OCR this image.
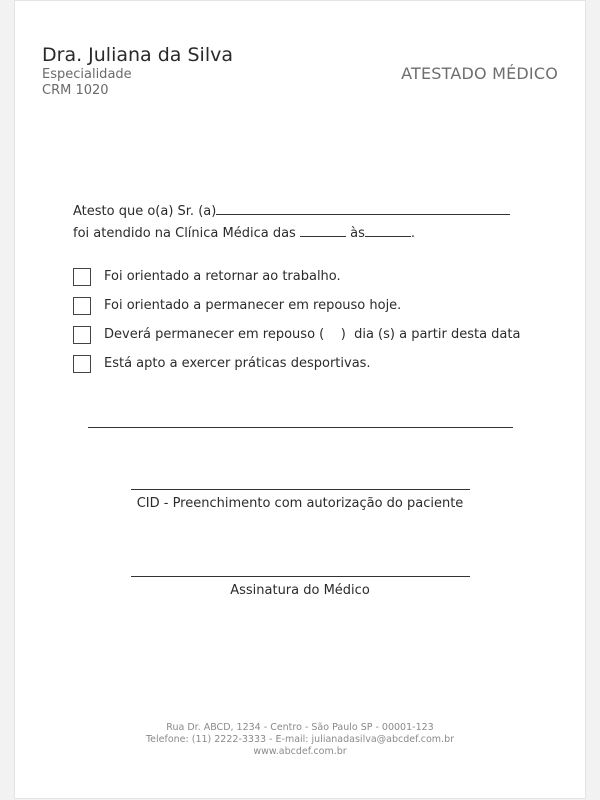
Dra. Juliana da Silva
Especialidade
CRM 1020
ATESTADO MÉDICO
Atesto que o(a) Sr. (a)
foi atendido na Clínica Médica das	às	.
Foi orientado a retornar ao trabalho.
Foi orientado a permanecer em repouso hoje.
Deverá permanecer em repouso (    )  dia (s) a partir desta data
Está apto a exercer práticas desportivas.
CID - Preenchimento com autorização do paciente
Assinatura do Médico
Rua Dr. ABCD, 1234 - Centro - São Paulo SP - 00001-123
Telefone: (11) 2222-3333 - E-mail: julianadasilva@abcdef.com.br
www.abcdef.com.br
